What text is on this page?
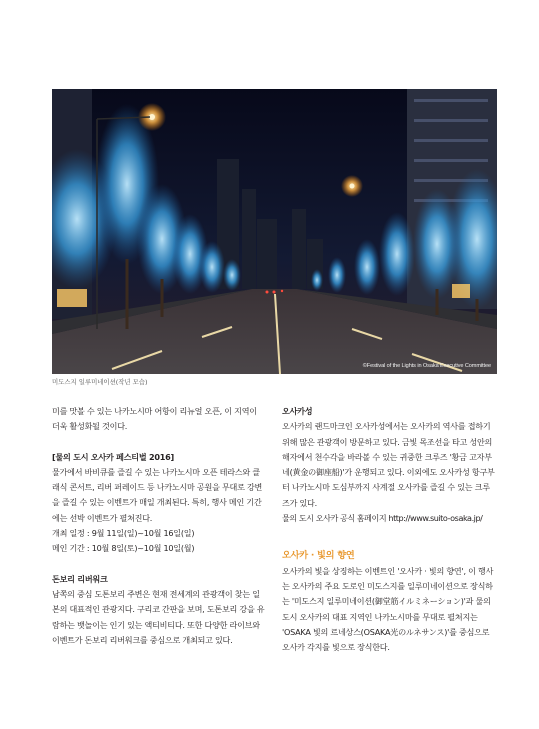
©Festival of the Lights in Osaka Executive Committee
미도스지 일루미네이션(작년 모습)

미를 맛볼 수 있는 나카노시마 어항이 리뉴얼 오픈, 이 지역이 더욱 활성화될 것이다.

[물의 도시 오사카 페스티벌 2016]

물가에서 바비큐를 즐길 수 있는 나카노시마 오픈 테라스와 클래식 콘서트, 리버 퍼레이드 등 나카노시마 공원을 무대로 강변을 즐길 수 있는 이벤트가 매일 개최된다. 특히, 행사 메인 기간에는 선박 이벤트가 펼쳐진다.

개최 일정 : 9월 11일(일)~10월 16일(일)

메인 기간 : 10월 8일(토)~10월 10일(월)

돈보리 리버워크

남쪽의 중심 도톤보리 주변은 현재 전세계의 관광객이 찾는 일본의 대표적인 관광지다. 구리코 간판을 보며, 도톤보리 강을 유람하는 뱃놀이는 인기 있는 액티비티다. 또한 다양한 라이브와 이벤트가 돈보리 리버워크를 중심으로 개최되고 있다.

오사카성

오사카의 랜드마크인 오사카성에서는 오사카의 역사를 접하기 위해 많은 관광객이 방문하고 있다. 금빛 목조선을 타고 성안의 해자에서 천수각을 바라볼 수 있는 귀중한 크루즈 '황금 고자부네(黄金の御座船)'가 운행되고 있다. 이외에도 오사카성 항구부터 나카노시마 도심부까지 사계절 오사카를 즐길 수 있는 크루즈가 있다.

물의 도시 오사카 공식 홈페이지 http://www.suito-osaka.jp/

오사카 · 빛의 향연

오사카의 빛을 상징하는 이벤트인 '오사카 · 빛의 향연', 이 행사는 오사카의 주요 도로인 미도스지를 일루미네이션으로 장식하는 '미도스지 일루미네이션(御堂筋イルミネーション)'과 물의 도시 오사카의 대표 지역인 나카노시마를 무대로 펼쳐지는 'OSAKA 빛의 르네상스(OSAKA光のルネサンス)'를 중심으로 오사카 각지를 빛으로 장식한다.
